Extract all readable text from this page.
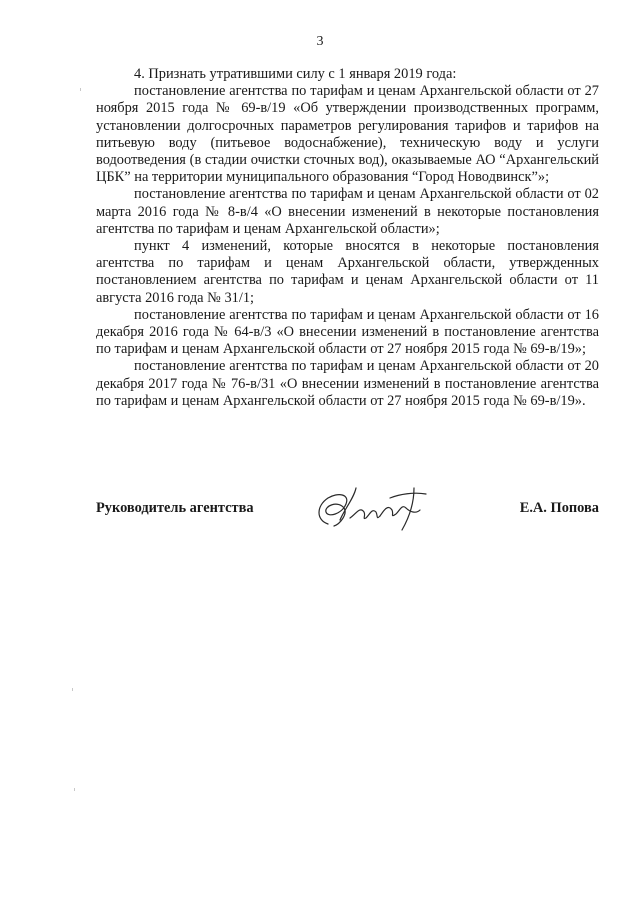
3

4. Признать утратившими силу с 1 января 2019 года:

постановление агентства по тарифам и ценам Архангельской области от 27 ноября 2015 года № 69-в/19 «Об утверждении производственных программ, установлении долгосрочных параметров регулирования тарифов и тарифов на питьевую воду (питьевое водоснабжение), техническую воду и услуги водоотведения (в стадии очистки сточных вод), оказываемые АО “Архангельский ЦБК” на территории муниципального образования “Город Новодвинск”»;

постановление агентства по тарифам и ценам Архангельской области от 02 марта 2016 года № 8-в/4 «О внесении изменений в некоторые постановления агентства по тарифам и ценам Архангельской области»;

пункт 4 изменений, которые вносятся в некоторые постановления агентства по тарифам и ценам Архангельской области, утвержденных постановлением агентства по тарифам и ценам Архангельской области от 11 августа 2016 года № 31/1;

постановление агентства по тарифам и ценам Архангельской области от 16 декабря 2016 года № 64-в/3 «О внесении изменений в постановление агентства по тарифам и ценам Архангельской области от 27 ноября 2015 года № 69-в/19»;

постановление агентства по тарифам и ценам Архангельской области от 20 декабря 2017 года № 76-в/31 «О внесении изменений в постановление агентства по тарифам и ценам Архангельской области от 27 ноября 2015 года № 69-в/19».

Руководитель агентства	Е.А. Попова
